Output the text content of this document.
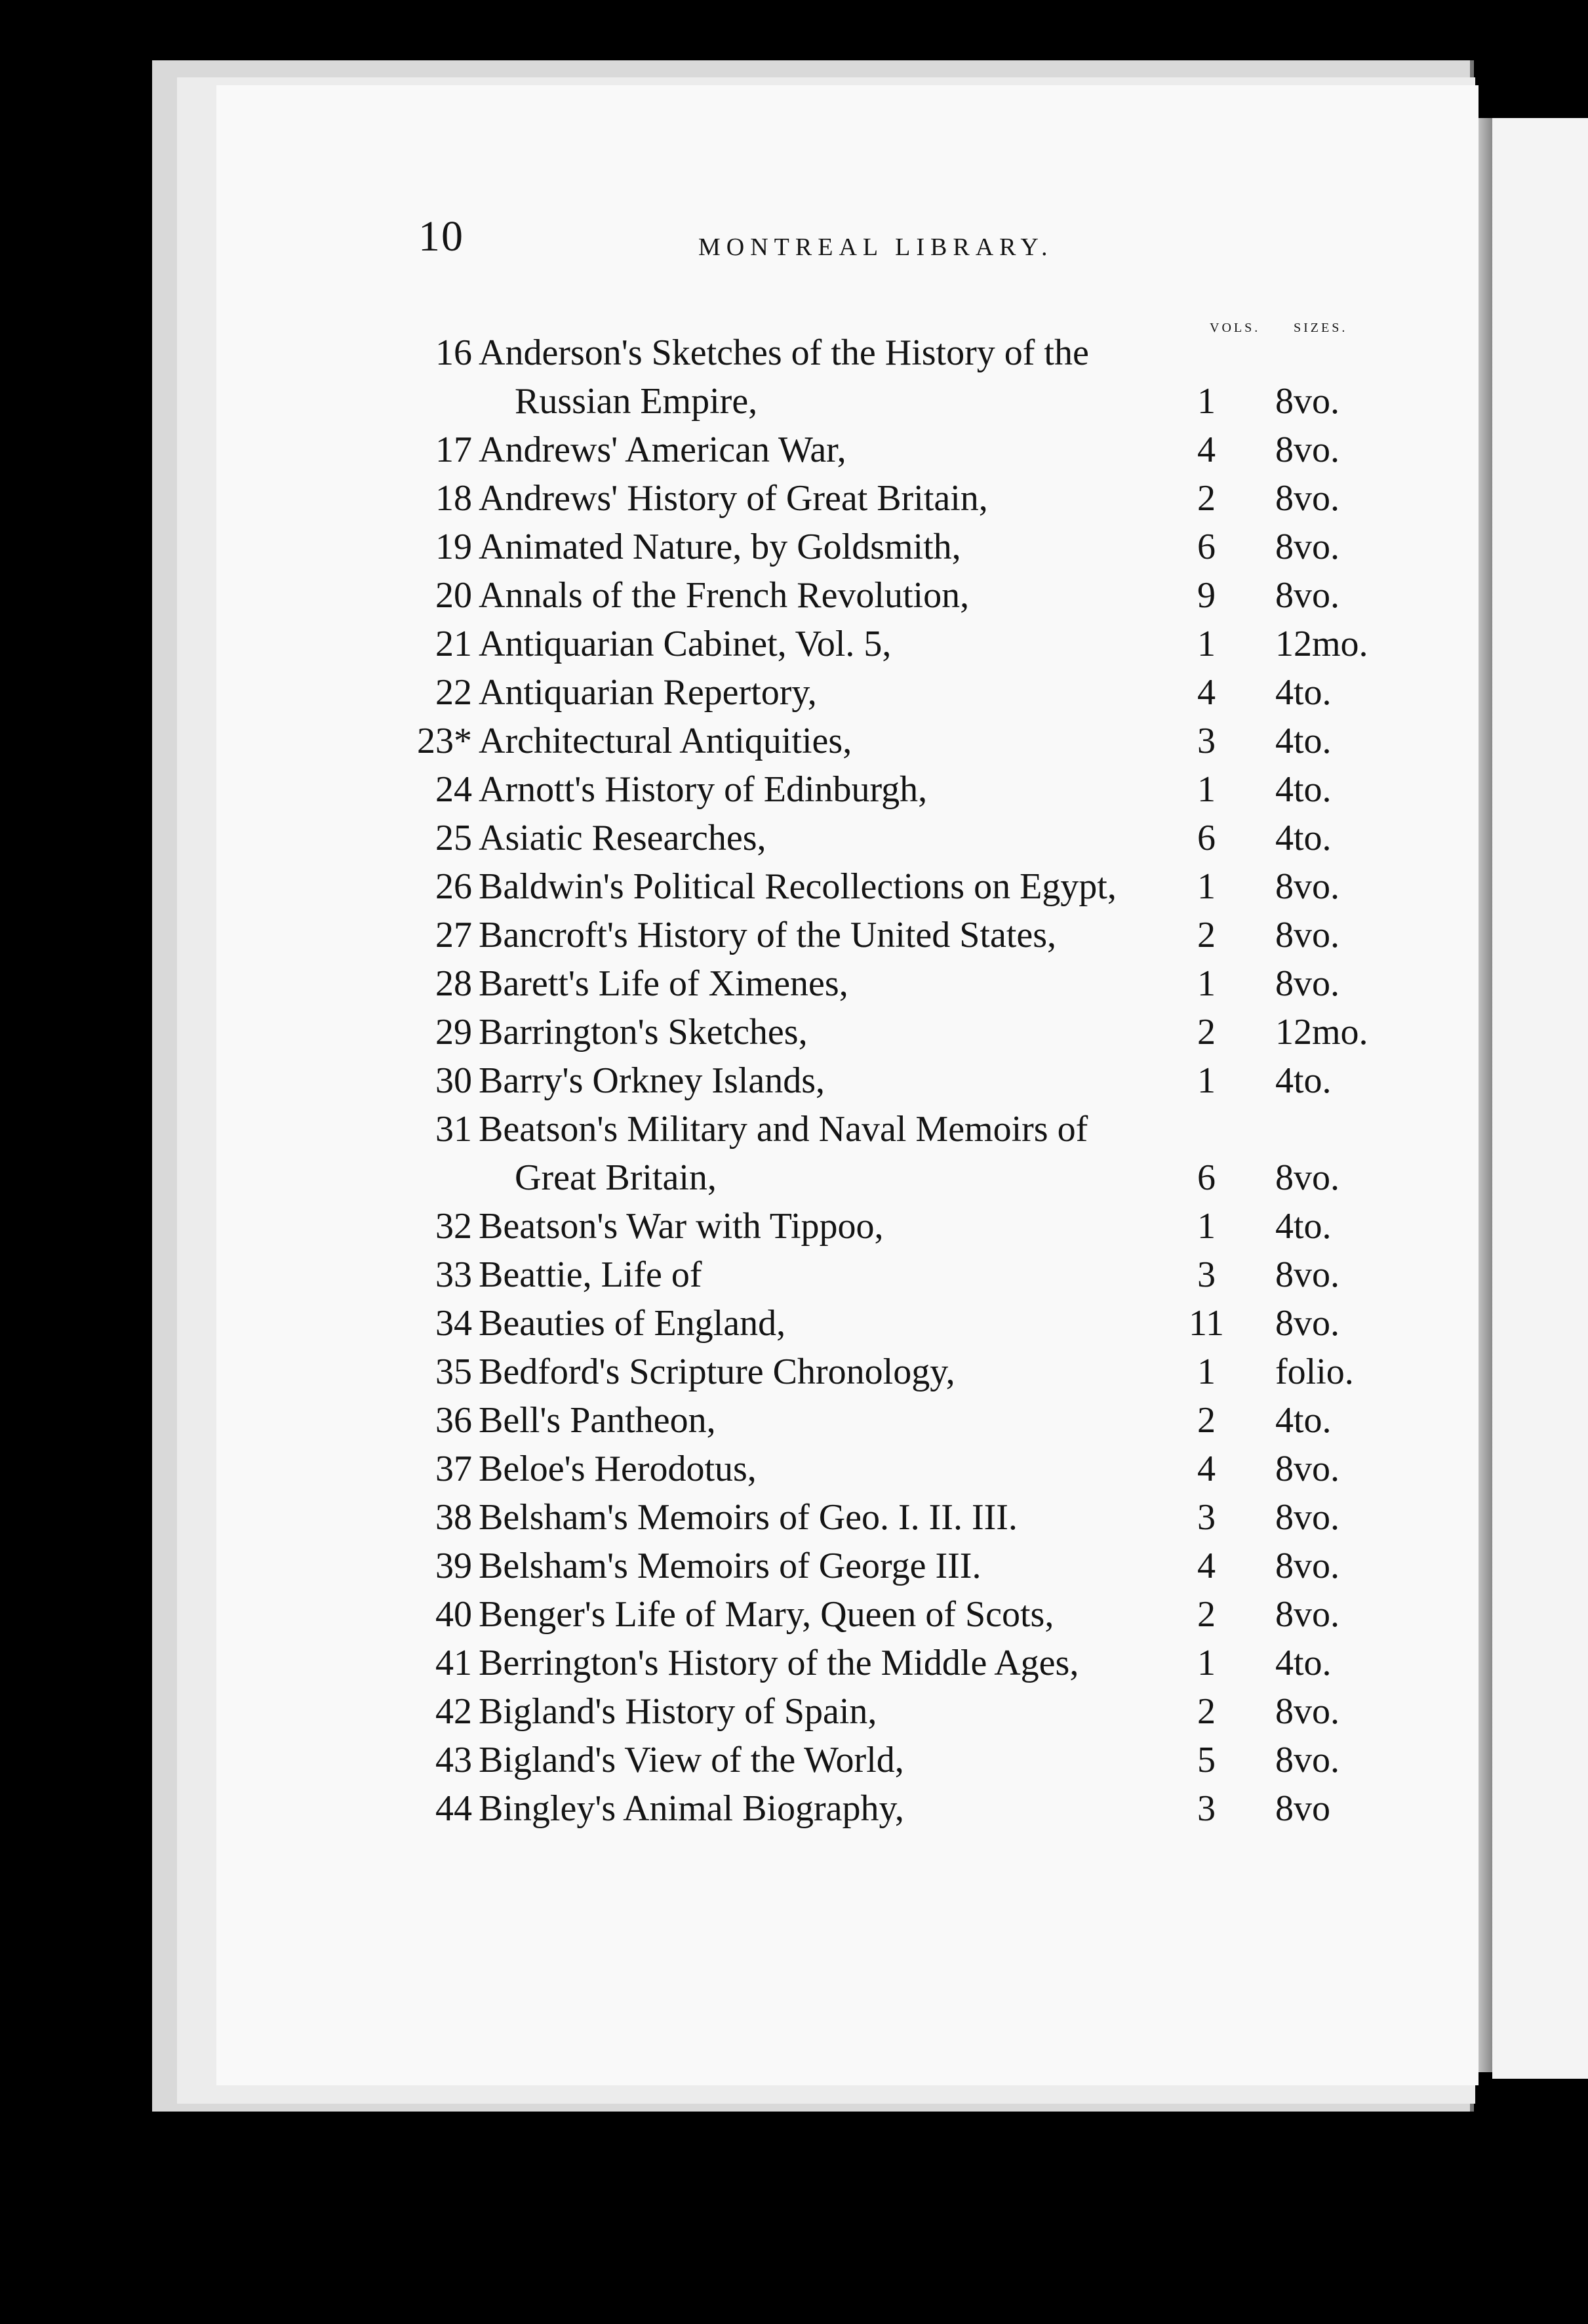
10	MONTREAL LIBRARY.
VOLS.	SIZES.
16 Anderson's Sketches of the History of the
Russian Empire,	1	8vo.
17 Andrews' American War,	4	8vo.
18 Andrews' History of Great Britain,	2	8vo.
19 Animated Nature, by Goldsmith,	6	8vo.
20 Annals of the French Revolution,	9	8vo.
21 Antiquarian Cabinet, Vol. 5,	1	12mo.
22 Antiquarian Repertory,	4	4to.
23* Architectural Antiquities,	3	4to.
24 Arnott's History of Edinburgh,	1	4to.
25 Asiatic Researches,	6	4to.
26 Baldwin's Political Recollections on Egypt,	1	8vo.
27 Bancroft's History of the United States,	2	8vo.
28 Barett's Life of Ximenes,	1	8vo.
29 Barrington's Sketches,	2	12mo.
30 Barry's Orkney Islands,	1	4to.
31 Beatson's Military and Naval Memoirs of
Great Britain,	6	8vo.
32 Beatson's War with Tippoo,	1	4to.
33 Beattie, Life of	3	8vo.
34 Beauties of England,	11	8vo.
35 Bedford's Scripture Chronology,	1	folio.
36 Bell's Pantheon,	2	4to.
37 Beloe's Herodotus,	4	8vo.
38 Belsham's Memoirs of Geo. I. II. III.	3	8vo.
39 Belsham's Memoirs of George III.	4	8vo.
40 Benger's Life of Mary, Queen of Scots,	2	8vo.
41 Berrington's History of the Middle Ages,	1	4to.
42 Bigland's History of Spain,	2	8vo.
43 Bigland's View of the World,	5	8vo.
44 Bingley's Animal Biography,	3	8vo
